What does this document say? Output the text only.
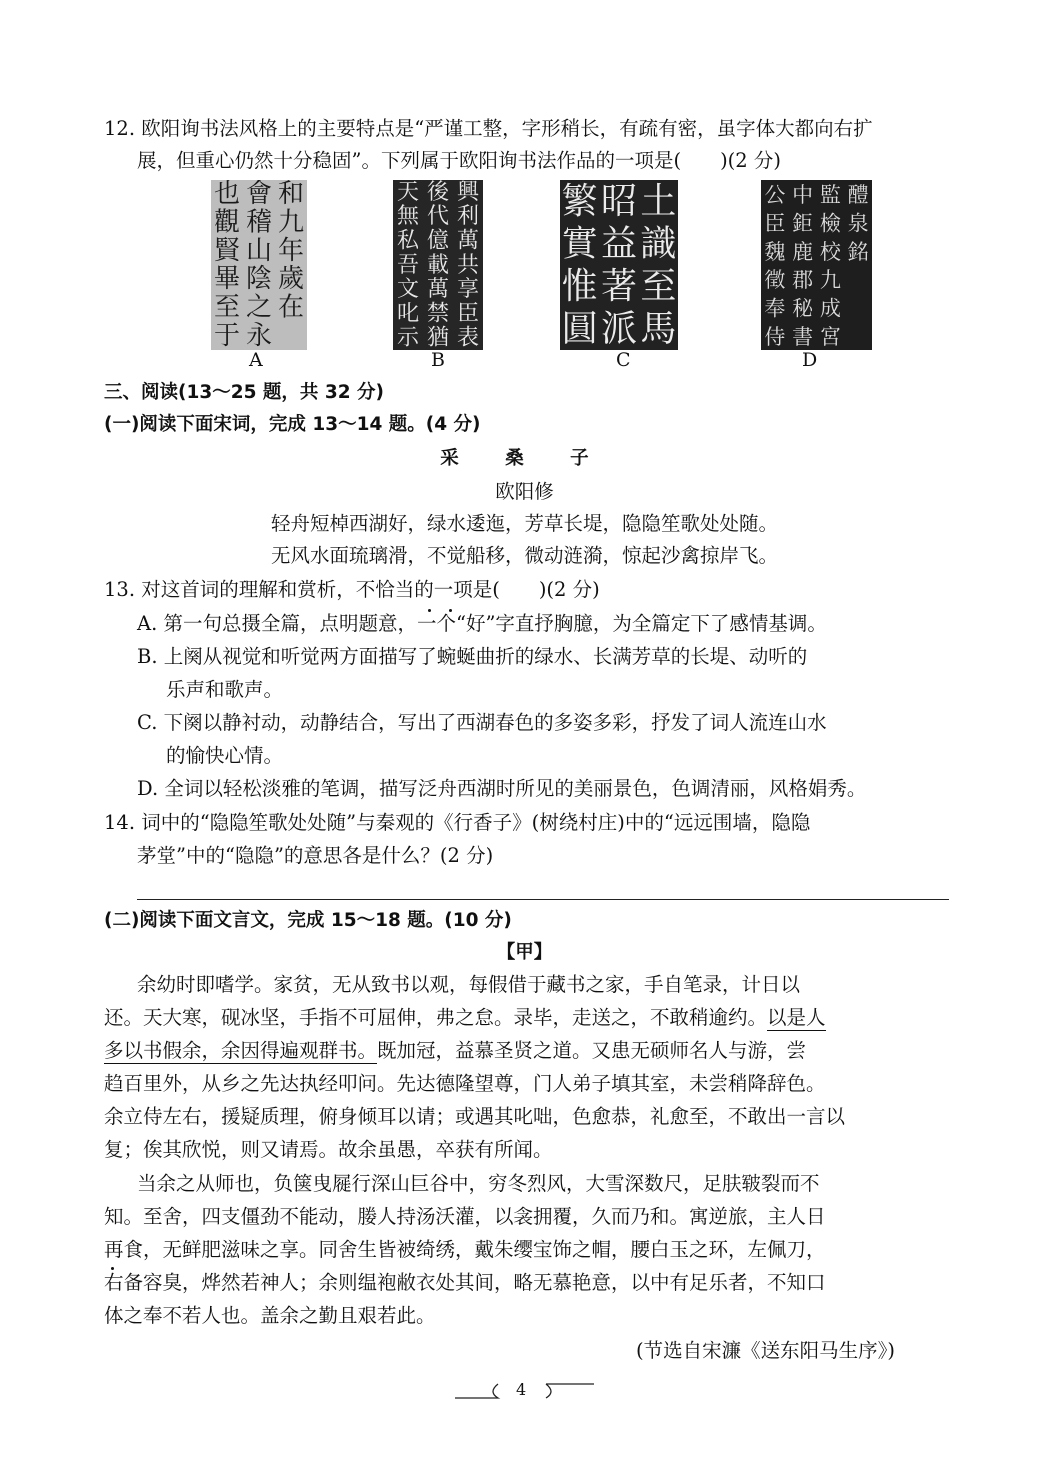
12. 欧阳询书法风格上的主要特点是“严谨工整，字形稍长，有疏有密，虽字体大都向右扩
展，但重心仍然十分稳固”。下列属于欧阳询书法作品的一项是(　　)(2 分)
也
觀
賢
畢
至
于
會
稽
山
陰
之
永
和
九
年
歲
在
A
天
無
私
吾
文
叱
示
後
代
億
載
萬
禁
猶
興
利
萬
共
享
臣
表
B
繁
實
惟
圓
昭
益
著
派
土
識
至
馬
C
公
臣
魏
徵
奉
侍
中
鉅
鹿
郡
秘
書
監
檢
校
九
成
宮
醴
泉
銘
D
三、阅读(13～25 题，共 32 分)
(一)阅读下面宋词，完成 13～14 题。(4 分)
采 桑 子
欧阳修
轻舟短棹西湖好，绿水逶迤，芳草长堤，隐隐笙歌处处随。
无风水面琉璃滑，不觉船移，微动涟漪，惊起沙禽掠岸飞。
13. 对这首词的理解和赏析，不恰当的一项是(　　)(2 分)
A. 第一句总摄全篇，点明题意，一个“好”字直抒胸臆，为全篇定下了感情基调。
B. 上阕从视觉和听觉两方面描写了蜿蜒曲折的绿水、长满芳草的长堤、动听的
乐声和歌声。
C. 下阕以静衬动，动静结合，写出了西湖春色的多姿多彩，抒发了词人流连山水
的愉快心情。
D. 全词以轻松淡雅的笔调，描写泛舟西湖时所见的美丽景色，色调清丽，风格娟秀。
14. 词中的“隐隐笙歌处处随”与秦观的《行香子》(树绕村庄)中的“远远围墙，隐隐
茅堂”中的“隐隐”的意思各是什么？(2 分)
(二)阅读下面文言文，完成 15～18 题。(10 分)
【甲】
余幼时即嗜学。家贫，无从致书以观，每假借于藏书之家，手自笔录，计日以
还。天大寒，砚冰坚，手指不可屈伸，弗之怠。录毕，走送之，不敢稍逾约。以是人
多以书假余，余因得遍观群书。既加冠，益慕圣贤之道。又患无硕师名人与游，尝
趋百里外，从乡之先达执经叩问。先达德隆望尊，门人弟子填其室，未尝稍降辞色。
余立侍左右，援疑质理，俯身倾耳以请；或遇其叱咄，色愈恭，礼愈至，不敢出一言以
复；俟其欣悦，则又请焉。故余虽愚，卒获有所闻。
当余之从师也，负箧曳屣行深山巨谷中，穷冬烈风，大雪深数尺，足肤皲裂而不
知。至舍，四支僵劲不能动，媵人持汤沃灌，以衾拥覆，久而乃和。寓逆旅，主人日
再食，无鲜肥滋味之享。同舍生皆被绮绣，戴朱缨宝饰之帽，腰白玉之环，左佩刀，
右备容臭，烨然若神人；余则缊袍敝衣处其间，略无慕艳意，以中有足乐者，不知口
体之奉不若人也。盖余之勤且艰若此。
(节选自宋濂《送东阳马生序》)
4
